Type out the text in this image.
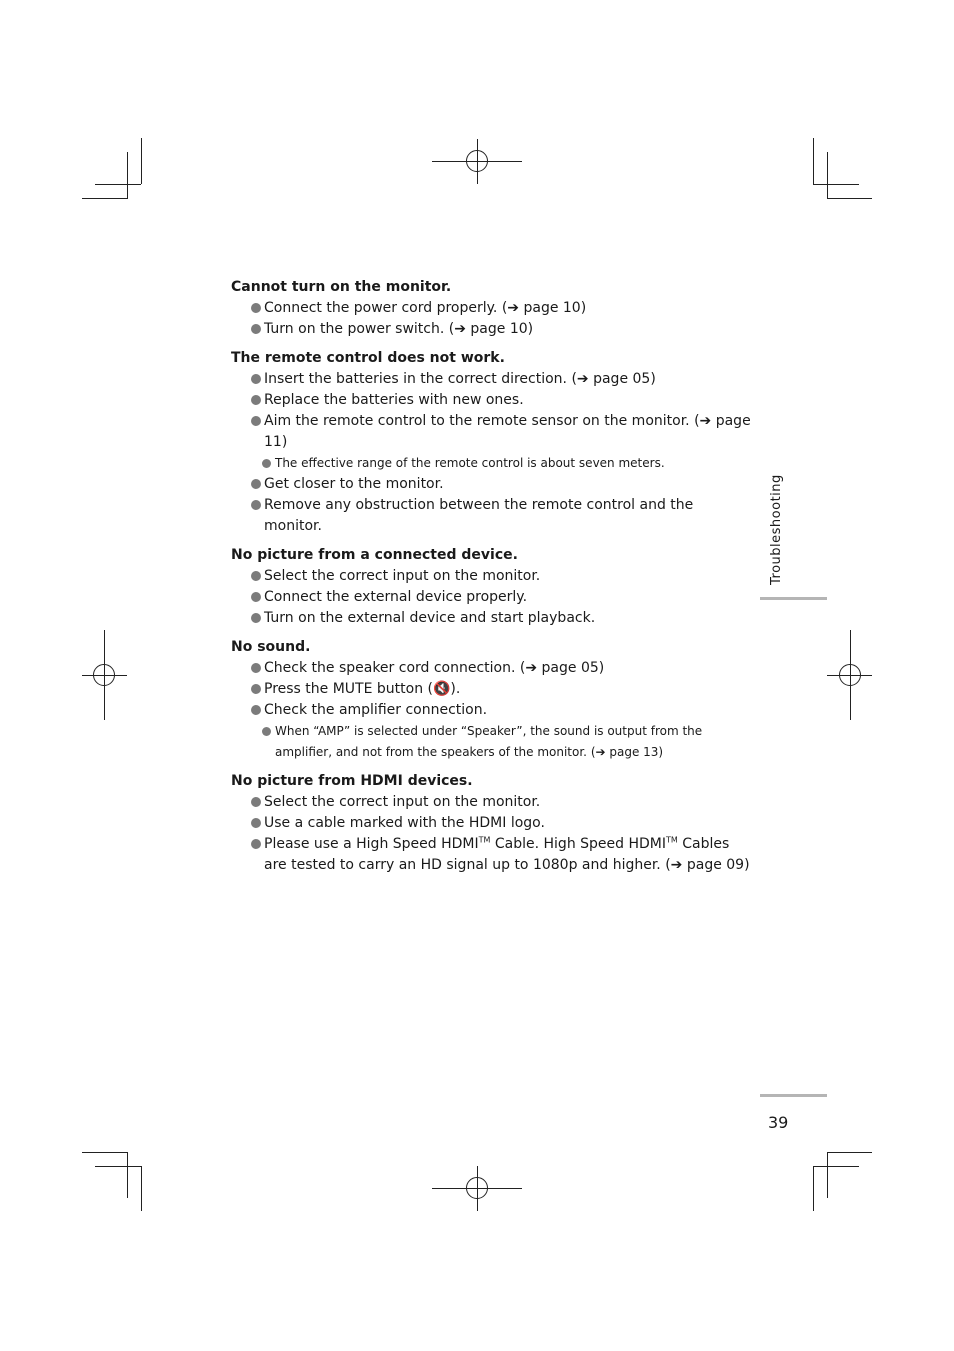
Cannot turn on the monitor.
Connect the power cord properly. (➔ page 10)
Turn on the power switch. (➔ page 10)
The remote control does not work.
Insert the batteries in the correct direction. (➔ page 05)
Replace the batteries with new ones.
Aim the remote control to the remote sensor on the monitor. (➔ page 11)
The effective range of the remote control is about seven meters.
Get closer to the monitor.
Remove any obstruction between the remote control and the monitor.
No picture from a connected device.
Select the correct input on the monitor.
Connect the external device properly.
Turn on the external device and start playback.
No sound.
Check the speaker cord connection. (➔ page 05)
Press the MUTE button (🔇).
Check the amplifier connection.
When “AMP” is selected under “Speaker”, the sound is output from the amplifier, and not from the speakers of the monitor. (➔ page 13)
No picture from HDMI devices.
Select the correct input on the monitor.
Use a cable marked with the HDMI logo.
Please use a High Speed HDMI™ Cable. High Speed HDMI™ Cables are tested to carry an HD signal up to 1080p and higher. (➔ page 09)
Troubleshooting
39
